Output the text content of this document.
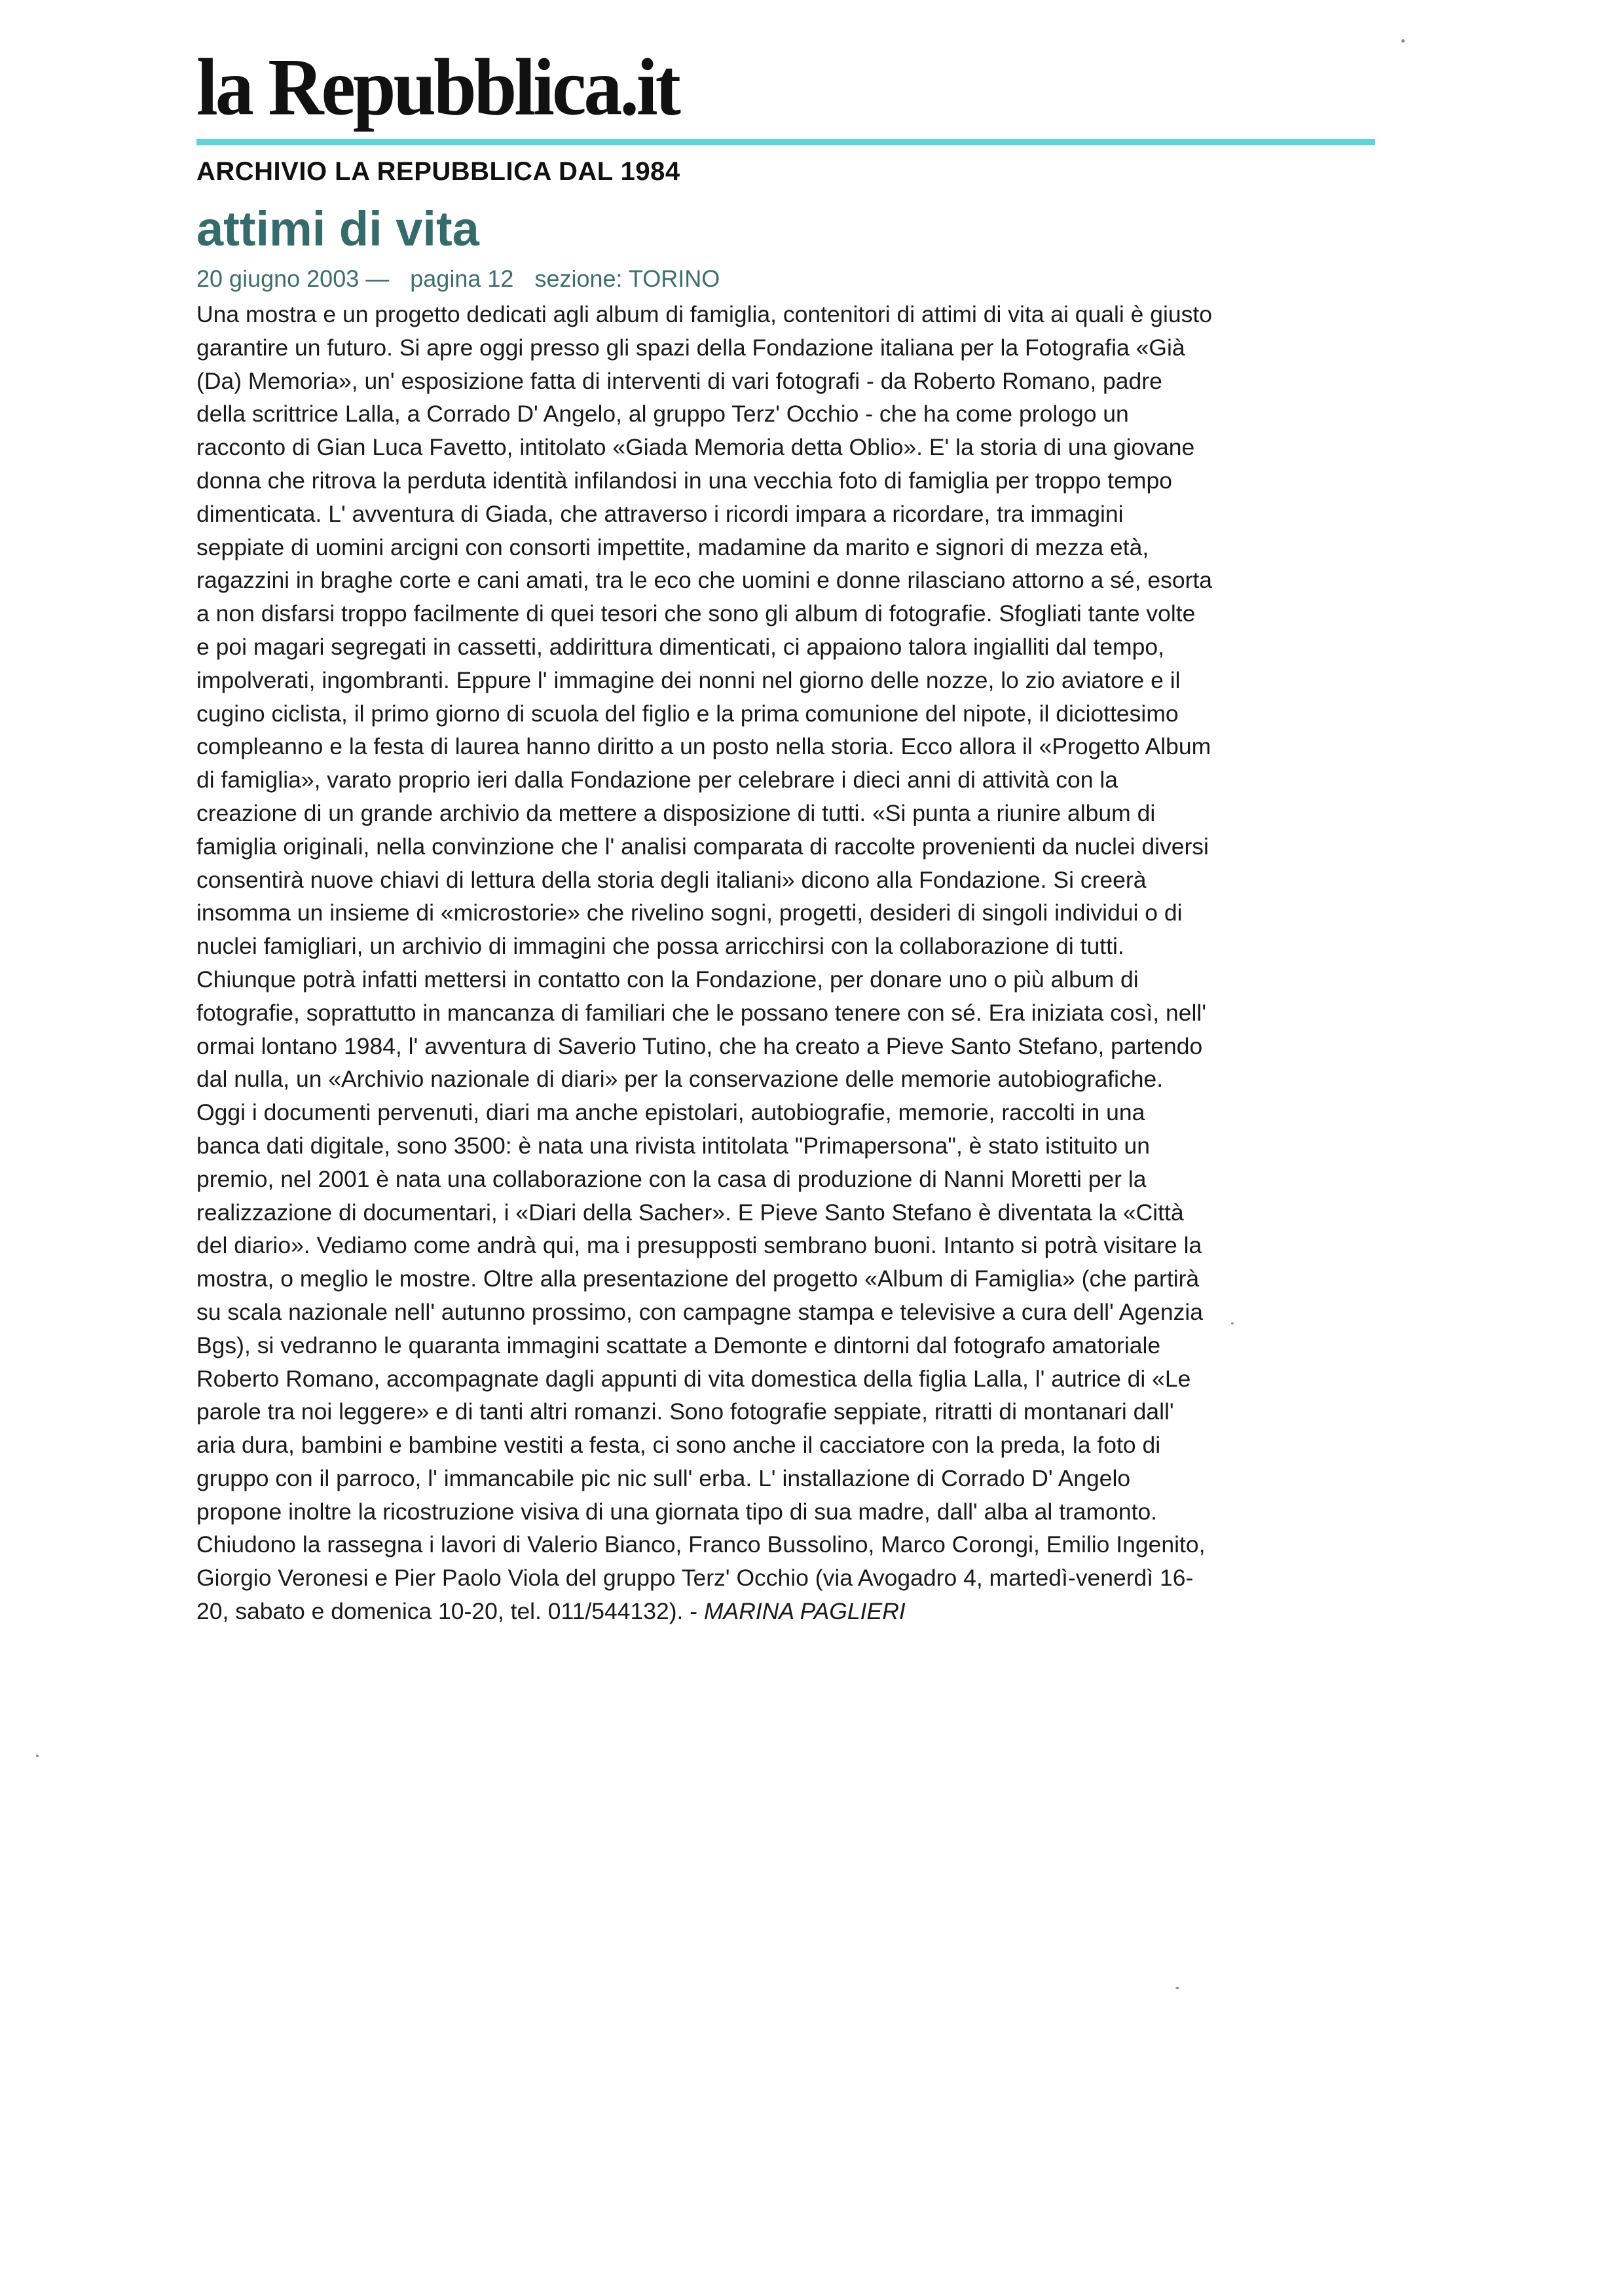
la Repubblica.it
ARCHIVIO LA REPUBBLICA DAL 1984
attimi di vita
20 giugno 2003 — pagina 12 sezione: TORINO
Una mostra e un progetto dedicati agli album di famiglia, contenitori di attimi di vita ai quali è giusto
garantire un futuro. Si apre oggi presso gli spazi della Fondazione italiana per la Fotografia «Già
(Da) Memoria», un' esposizione fatta di interventi di vari fotografi - da Roberto Romano, padre
della scrittrice Lalla, a Corrado D' Angelo, al gruppo Terz' Occhio - che ha come prologo un
racconto di Gian Luca Favetto, intitolato «Giada Memoria detta Oblio». E' la storia di una giovane
donna che ritrova la perduta identità infilandosi in una vecchia foto di famiglia per troppo tempo
dimenticata. L' avventura di Giada, che attraverso i ricordi impara a ricordare, tra immagini
seppiate di uomini arcigni con consorti impettite, madamine da marito e signori di mezza età,
ragazzini in braghe corte e cani amati, tra le eco che uomini e donne rilasciano attorno a sé, esorta
a non disfarsi troppo facilmente di quei tesori che sono gli album di fotografie. Sfogliati tante volte
e poi magari segregati in cassetti, addirittura dimenticati, ci appaiono talora ingialliti dal tempo,
impolverati, ingombranti. Eppure l' immagine dei nonni nel giorno delle nozze, lo zio aviatore e il
cugino ciclista, il primo giorno di scuola del figlio e la prima comunione del nipote, il diciottesimo
compleanno e la festa di laurea hanno diritto a un posto nella storia. Ecco allora il «Progetto Album
di famiglia», varato proprio ieri dalla Fondazione per celebrare i dieci anni di attività con la
creazione di un grande archivio da mettere a disposizione di tutti. «Si punta a riunire album di
famiglia originali, nella convinzione che l' analisi comparata di raccolte provenienti da nuclei diversi
consentirà nuove chiavi di lettura della storia degli italiani» dicono alla Fondazione. Si creerà
insomma un insieme di «microstorie» che rivelino sogni, progetti, desideri di singoli individui o di
nuclei famigliari, un archivio di immagini che possa arricchirsi con la collaborazione di tutti.
Chiunque potrà infatti mettersi in contatto con la Fondazione, per donare uno o più album di
fotografie, soprattutto in mancanza di familiari che le possano tenere con sé. Era iniziata così, nell'
ormai lontano 1984, l' avventura di Saverio Tutino, che ha creato a Pieve Santo Stefano, partendo
dal nulla, un «Archivio nazionale di diari» per la conservazione delle memorie autobiografiche.
Oggi i documenti pervenuti, diari ma anche epistolari, autobiografie, memorie, raccolti in una
banca dati digitale, sono 3500: è nata una rivista intitolata "Primapersona", è stato istituito un
premio, nel 2001 è nata una collaborazione con la casa di produzione di Nanni Moretti per la
realizzazione di documentari, i «Diari della Sacher». E Pieve Santo Stefano è diventata la «Città
del diario». Vediamo come andrà qui, ma i presupposti sembrano buoni. Intanto si potrà visitare la
mostra, o meglio le mostre. Oltre alla presentazione del progetto «Album di Famiglia» (che partirà
su scala nazionale nell' autunno prossimo, con campagne stampa e televisive a cura dell' Agenzia
Bgs), si vedranno le quaranta immagini scattate a Demonte e dintorni dal fotografo amatoriale
Roberto Romano, accompagnate dagli appunti di vita domestica della figlia Lalla, l' autrice di «Le
parole tra noi leggere» e di tanti altri romanzi. Sono fotografie seppiate, ritratti di montanari dall'
aria dura, bambini e bambine vestiti a festa, ci sono anche il cacciatore con la preda, la foto di
gruppo con il parroco, l' immancabile pic nic sull' erba. L' installazione di Corrado D' Angelo
propone inoltre la ricostruzione visiva di una giornata tipo di sua madre, dall' alba al tramonto.
Chiudono la rassegna i lavori di Valerio Bianco, Franco Bussolino, Marco Corongi, Emilio Ingenito,
Giorgio Veronesi e Pier Paolo Viola del gruppo Terz' Occhio (via Avogadro 4, martedì-venerdì 16-
20, sabato e domenica 10-20, tel. 011/544132). - MARINA PAGLIERI
